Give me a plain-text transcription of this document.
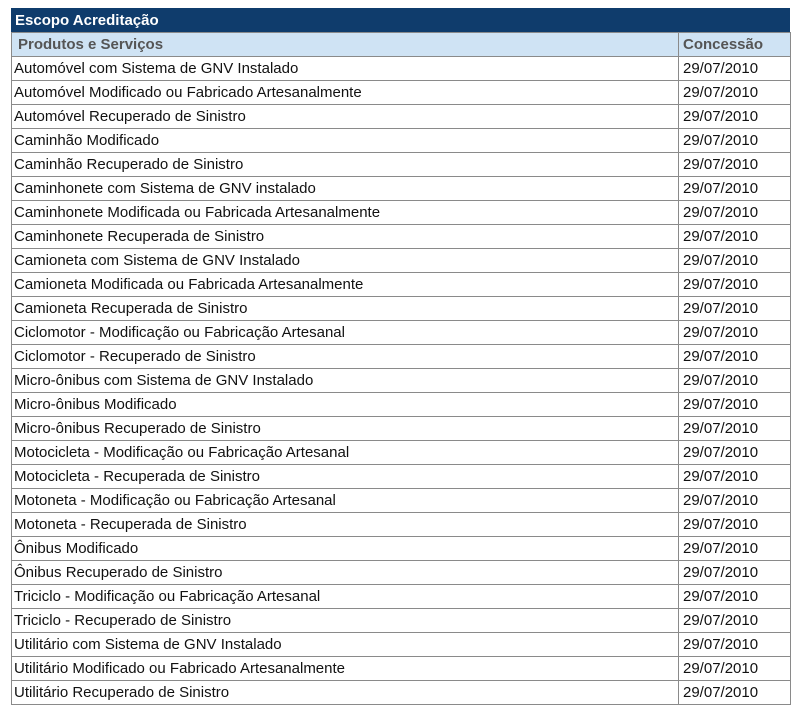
Escopo Acreditação
Produtos e Serviços	Concessão
Automóvel com Sistema de GNV Instalado	29/07/2010
Automóvel Modificado ou Fabricado Artesanalmente	29/07/2010
Automóvel Recuperado de Sinistro	29/07/2010
Caminhão Modificado	29/07/2010
Caminhão Recuperado de Sinistro	29/07/2010
Caminhonete com Sistema de GNV instalado	29/07/2010
Caminhonete Modificada ou Fabricada Artesanalmente	29/07/2010
Caminhonete Recuperada de Sinistro	29/07/2010
Camioneta com Sistema de GNV Instalado	29/07/2010
Camioneta Modificada ou Fabricada Artesanalmente	29/07/2010
Camioneta Recuperada de Sinistro	29/07/2010
Ciclomotor - Modificação ou Fabricação Artesanal	29/07/2010
Ciclomotor - Recuperado de Sinistro	29/07/2010
Micro-ônibus com Sistema de GNV Instalado	29/07/2010
Micro-ônibus Modificado	29/07/2010
Micro-ônibus Recuperado de Sinistro	29/07/2010
Motocicleta - Modificação ou Fabricação Artesanal	29/07/2010
Motocicleta - Recuperada de Sinistro	29/07/2010
Motoneta - Modificação ou Fabricação Artesanal	29/07/2010
Motoneta - Recuperada de Sinistro	29/07/2010
Ônibus Modificado	29/07/2010
Ônibus Recuperado de Sinistro	29/07/2010
Triciclo - Modificação ou Fabricação Artesanal	29/07/2010
Triciclo - Recuperado de Sinistro	29/07/2010
Utilitário com Sistema de GNV Instalado	29/07/2010
Utilitário Modificado ou Fabricado Artesanalmente	29/07/2010
Utilitário Recuperado de Sinistro	29/07/2010
